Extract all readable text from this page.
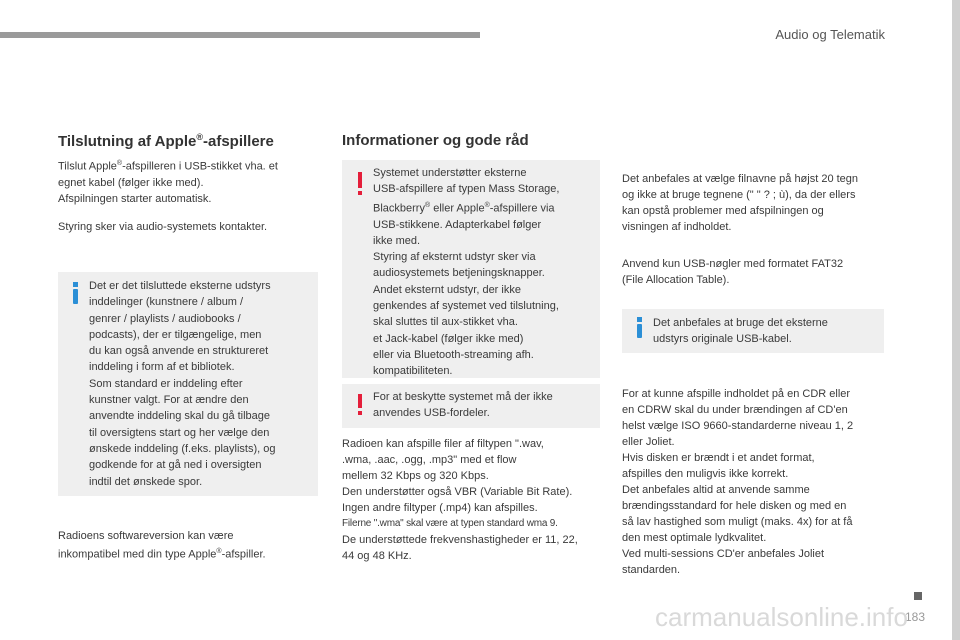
Audio og Telematik
Tilslutning af Apple®-afspillere

Tilslut Apple®-afspilleren i USB-stikket vha. et

egnet kabel (følger ikke med).

Afspilningen starter automatisk.

Styring sker via audio-systemets kontakter.

Det er det tilsluttede eksterne udstyrs

inddelinger (kunstnere / album /

genrer / playlists / audiobooks /

podcasts), der er tilgængelige, men

du kan også anvende en struktureret

inddeling i form af et bibliotek.

Som standard er inddeling efter

kunstner valgt. For at ændre den

anvendte inddeling skal du gå tilbage

til oversigtens start og her vælge den

ønskede inddeling (f.eks. playlists), og

godkende for at gå ned i oversigten

indtil det ønskede spor.

Radioens softwareversion kan være

inkompatibel med din type Apple®-afspiller.

Informationer og gode råd

Systemet understøtter eksterne

USB-afspillere af typen Mass Storage,

Blackberry® eller Apple®-afspillere via

USB-stikkene. Adapterkabel følger

ikke med.

Styring af eksternt udstyr sker via

audiosystemets betjeningsknapper.

Andet eksternt udstyr, der ikke

genkendes af systemet ved tilslutning,

skal sluttes til aux-stikket vha.

et Jack-kabel (følger ikke med)

eller via Bluetooth-streaming afh.

kompatibiliteten.

For at beskytte systemet må der ikke

anvendes USB-fordeler.

Radioen kan afspille filer af filtypen ".wav,

.wma, .aac, .ogg, .mp3" med et flow

mellem 32 Kbps og 320 Kbps.

Den understøtter også VBR (Variable Bit Rate).

Ingen andre filtyper (.mp4) kan afspilles.

Filerne ".wma" skal være at typen standard wma 9.

De understøttede frekvenshastigheder er 11, 22,

44 og 48 KHz.

Det anbefales at vælge filnavne på højst 20 tegn

og ikke at bruge tegnene (" " ? ; ù), da der ellers

kan opstå problemer med afspilningen og

visningen af indholdet.

Anvend kun USB-nøgler med formatet FAT32

(File Allocation Table).

Det anbefales at bruge det eksterne

udstyrs originale USB-kabel.

For at kunne afspille indholdet på en CDR eller

en CDRW skal du under brændingen af CD'en

helst vælge ISO 9660-standarderne niveau 1, 2

eller Joliet.

Hvis disken er brændt i et andet format,

afspilles den muligvis ikke korrekt.

Det anbefales altid at anvende samme

brændingsstandard for hele disken og med en

så lav hastighed som muligt (maks. 4x) for at få

den mest optimale lydkvalitet.

Ved multi-sessions CD'er anbefales Joliet

standarden.

183
carmanualsonline.info
